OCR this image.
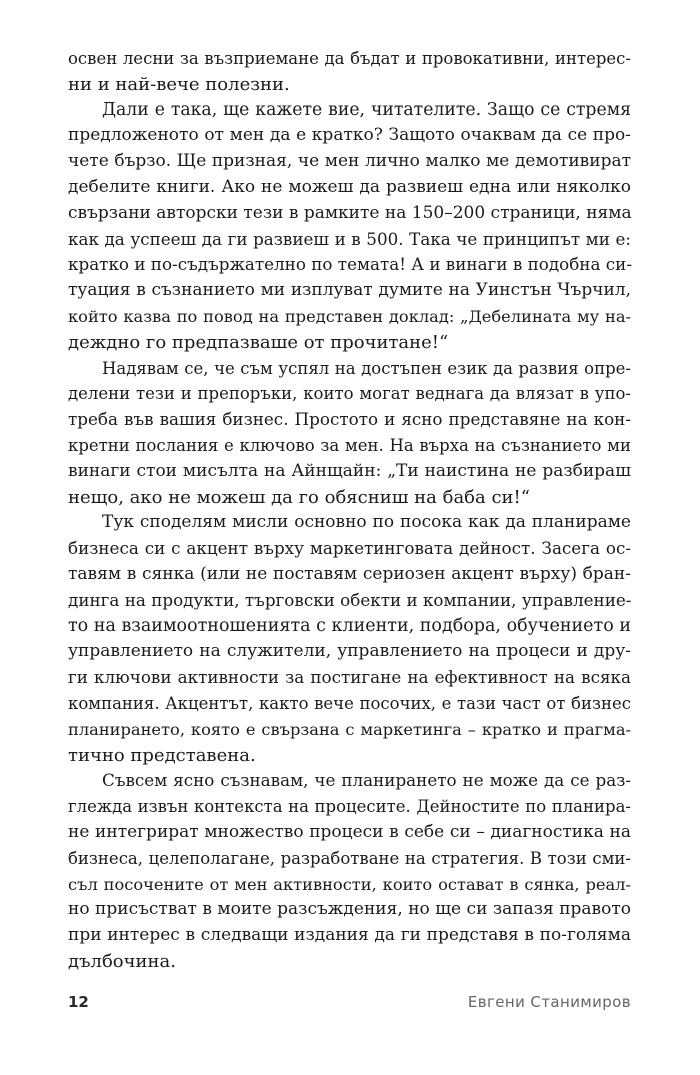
освен лесни за възприемане да бъдат и провокативни, интерес-
ни и най-вече полезни.
Дали е така, ще кажете вие, читателите. Защо се стремя
предложеното от мен да е кратко? Защото очаквам да се про-
чете бързо. Ще призная, че мен лично малко ме демотивират
дебелите книги. Ако не можеш да развиеш една или няколко
свързани авторски тези в рамките на 150–200 страници, няма
как да успееш да ги развиеш и в 500. Така че принципът ми е:
кратко и по-съдържателно по темата! А и винаги в подобна си-
туация в съзнанието ми изплуват думите на Уинстън Чърчил,
който казва по повод на представен доклад: „Дебелината му на-
деждно го предпазваше от прочитане!“
Надявам се, че съм успял на достъпен език да развия опре-
делени тези и препоръки, които могат веднага да влязат в упо-
треба във вашия бизнес. Простото и ясно представяне на кон-
кретни послания е ключово за мен. На върха на съзнанието ми
винаги стои мисълта на Айнщайн: „Ти наистина не разбираш
нещо, ако не можеш да го обясниш на баба си!“
Тук споделям мисли основно по посока как да планираме
бизнеса си с акцент върху маркетинговата дейност. Засега ос-
тавям в сянка (или не поставям сериозен акцент върху) бран-
динга на продукти, търговски обекти и компании, управление-
то на взаимоотношенията с клиенти, подбора, обучението и
управлението на служители, управлението на процеси и дру-
ги ключови активности за постигане на ефективност на всяка
компания. Акцентът, както вече посочих, е тази част от бизнес
планирането, която е свързана с маркетинга – кратко и прагма-
тично представена.
Съвсем ясно съзнавам, че планирането не може да се раз-
глежда извън контекста на процесите. Дейностите по планира-
не интегрират множество процеси в себе си – диагностика на
бизнеса, целеполагане, разработване на стратегия. В този сми-
съл посочените от мен активности, които остават в сянка, реал-
но присъстват в моите разсъждения, но ще си запазя правото
при интерес в следващи издания да ги представя в по-голяма
дълбочина.
12	Евгени Станимиров
